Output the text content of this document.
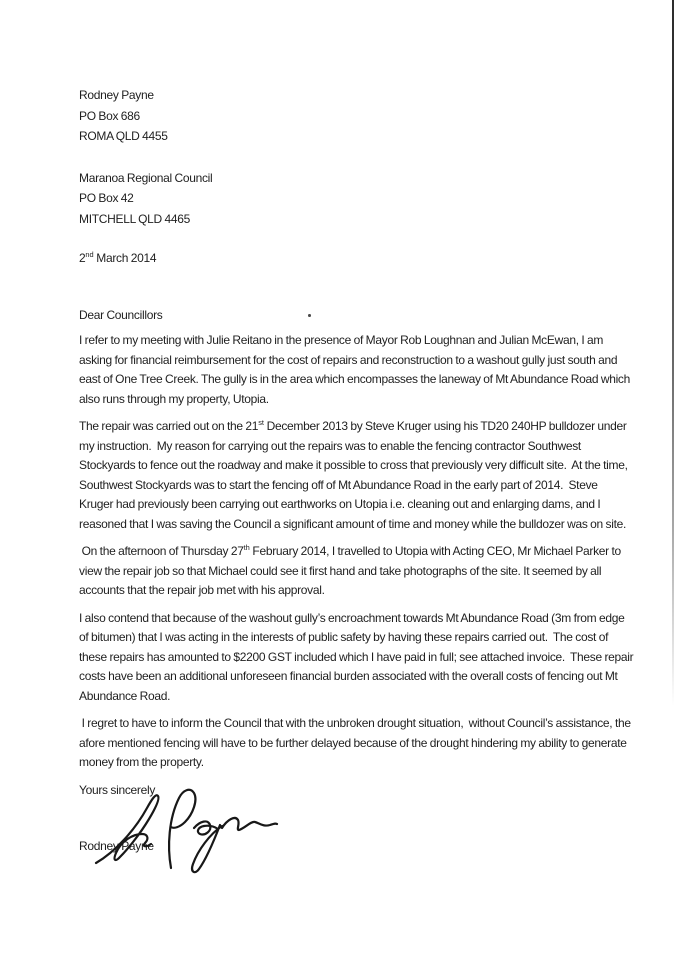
Rodney Payne
PO Box 686
ROMA QLD 4455
Maranoa Regional Council
PO Box 42
MITCHELL QLD 4465
2nd March 2014
Dear Councillors

I refer to my meeting with Julie Reitano in the presence of Mayor Rob Loughnan and Julian McEwan, I am asking for financial reimbursement for the cost of repairs and reconstruction to a washout gully just south and east of One Tree Creek. The gully is in the area which encompasses the laneway of Mt Abundance Road which also runs through my property, Utopia.

The repair was carried out on the 21st December 2013 by Steve Kruger using his TD20 240HP bulldozer under my instruction.  My reason for carrying out the repairs was to enable the fencing contractor Southwest Stockyards to fence out the roadway and make it possible to cross that previously very difficult site.  At the time, Southwest Stockyards was to start the fencing off of Mt Abundance Road in the early part of 2014.  Steve Kruger had previously been carrying out earthworks on Utopia i.e. cleaning out and enlarging dams, and I reasoned that I was saving the Council a significant amount of time and money while the bulldozer was on site.

On the afternoon of Thursday 27th February 2014, I travelled to Utopia with Acting CEO, Mr Michael Parker to view the repair job so that Michael could see it first hand and take photographs of the site. It seemed by all accounts that the repair job met with his approval.

I also contend that because of the washout gully’s encroachment towards Mt Abundance Road (3m from edge of bitumen) that I was acting in the interests of public safety by having these repairs carried out.  The cost of these repairs has amounted to $2200 GST included which I have paid in full; see attached invoice.  These repair costs have been an additional unforeseen financial burden associated with the overall costs of fencing out Mt Abundance Road.

I regret to have to inform the Council that with the unbroken drought situation,  without Council’s assistance, the afore mentioned fencing will have to be further delayed because of the drought hindering my ability to generate money from the property.

Yours sincerely
Rodney Payne
